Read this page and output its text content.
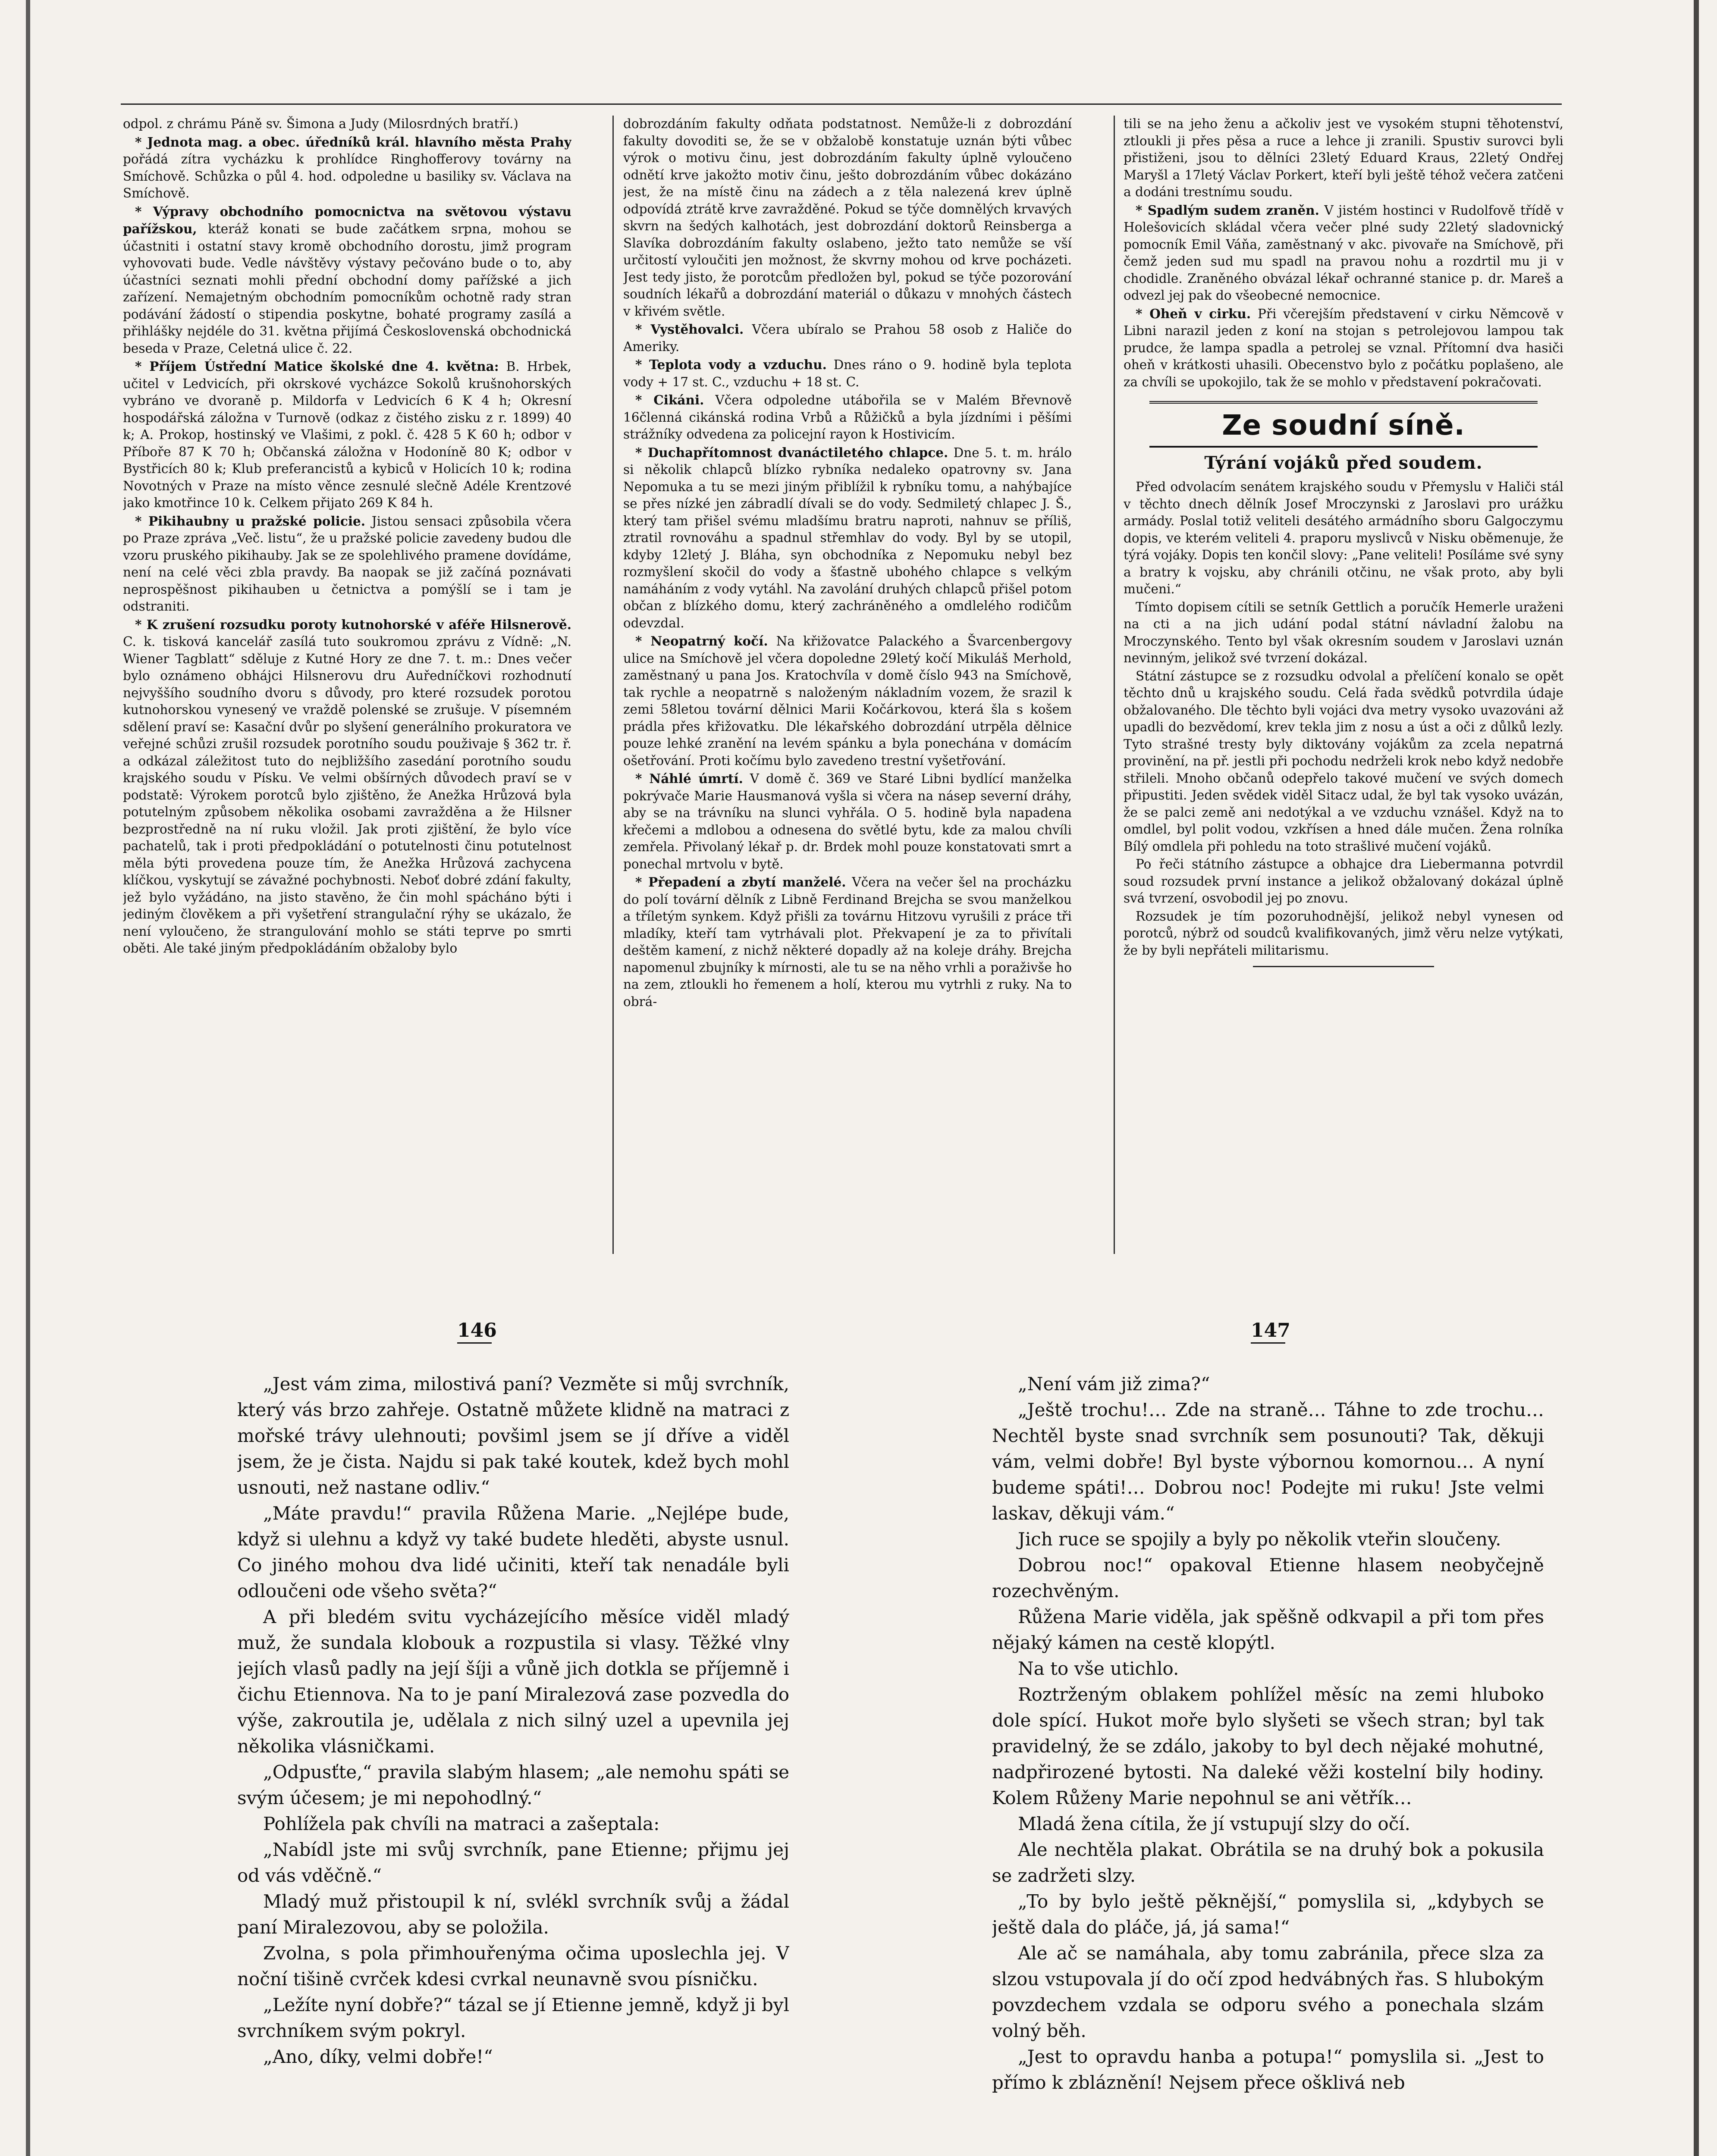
odpol. z chrámu Páně sv. Šimona a Judy (Milosrdných bratří.)

* Jednota mag. a obec. úředníků král. hlavního města Prahy pořádá zítra vycházku k prohlídce Ringhofferovy továrny na Smíchově. Schůzka o půl 4. hod. odpoledne u basiliky sv. Václava na Smíchově.

* Výpravy obchodního pomocnictva na světovou výstavu pařížskou, kteráž konati se bude začátkem srpna, mohou se účastniti i ostatní stavy kromě obchodního dorostu, jimž program vyhovovati bude. Vedle návštěvy výstavy pečováno bude o to, aby účastníci seznati mohli přední obchodní domy pařížské a jich zařízení. Nemajetným obchodním pomocníkům ochotně rady stran podávání žádostí o stipendia poskytne, bohaté programy zasílá a přihlášky nejdéle do 31. května přijímá Československá obchodnická beseda v Praze, Celetná ulice č. 22.

* Příjem Ústřední Matice školské dne 4. května: B. Hrbek, učitel v Ledvicích, při okrskové vycházce Sokolů krušnohorských vybráno ve dvoraně p. Mildorfa v Ledvicích 6 K 4 h; Okresní hospodářská záložna v Turnově (odkaz z čistého zisku z r. 1899) 40 k; A. Prokop, hostinský ve Vlašimi, z pokl. č. 428 5 K 60 h; odbor v Příboře 87 K 70 h; Občanská záložna v Hodoníně 80 K; odbor v Bystřicích 80 k; Klub preferancistů a kybiců v Holicích 10 k; rodina Novotných v Praze na místo věnce zesnulé slečně Adéle Krentzové jako kmotřince 10 k. Celkem přijato 269 K 84 h.

* Pikihaubny u pražské policie. Jistou sensaci způsobila včera po Praze zpráva „Več. listu“, že u pražské policie zavedeny budou dle vzoru pruského pikihauby. Jak se ze spolehlivého pramene dovídáme, není na celé věci zbla pravdy. Ba naopak se již začíná poznávati neprospěšnost pikihauben u četnictva a pomýšlí se i tam je odstraniti.

* K zrušení rozsudku poroty kutnohorské v aféře Hilsnerově. C. k. tisková kancelář zasílá tuto soukromou zprávu z Vídně: „N. Wiener Tagblatt“ sděluje z Kutné Hory ze dne 7. t. m.: Dnes večer bylo oznámeno obhájci Hilsnerovu dru Auředníčkovi rozhodnutí nejvyššího soudního dvoru s důvody, pro které rozsudek porotou kutnohorskou vynesený ve vraždě polenské se zrušuje. V písemném sdělení praví se: Kasační dvůr po slyšení generálního prokuratora ve veřejné schůzi zrušil rozsudek porotního soudu použivaje § 362 tr. ř. a odkázal záležitost tuto do nejbližšího zasedání porotního soudu krajského soudu v Písku. Ve velmi obšírných důvodech praví se v podstatě: Výrokem porotců bylo zjištěno, že Anežka Hrůzová byla potutelným způsobem několika osobami zavražděna a že Hilsner bezprostředně na ní ruku vložil. Jak proti zjištění, že bylo více pachatelů, tak i proti předpokládání o potutelnosti činu potutelnost měla býti provedena pouze tím, že Anežka Hrůzová zachycena klíčkou, vyskytují se závažné pochybnosti. Neboť dobré zdání fakulty, jež bylo vyžádáno, na jisto stavěno, že čin mohl spácháno býti i jediným člověkem a při vyšetření strangulační rýhy se ukázalo, že není vyloučeno, že strangulování mohlo se státi teprve po smrti oběti. Ale také jiným předpokládáním obžaloby bylo

dobrozdáním fakulty odňata podstatnost. Nemůže-li z dobrozdání fakulty dovoditi se, že se v obžalobě konstatuje uznán býti vůbec výrok o motivu činu, jest dobrozdáním fakulty úplně vyloučeno odnětí krve jakožto motiv činu, ješto dobrozdáním vůbec dokázáno jest, že na místě činu na zádech a z těla nalezená krev úplně odpovídá ztrátě krve zavražděné. Pokud se týče domnělých krvavých skvrn na šedých kalhotách, jest dobrozdání doktorů Reinsberga a Slavíka dobrozdáním fakulty oslabeno, ježto tato nemůže se vší určitostí vyloučiti jen možnost, že skvrny mohou od krve pocházeti. Jest tedy jisto, že porotcům předložen byl, pokud se týče pozorování soudních lékařů a dobrozdání materiál o důkazu v mnohých částech v křivém světle.

* Vystěhovalci. Včera ubíralo se Prahou 58 osob z Haliče do Ameriky.

* Teplota vody a vzduchu. Dnes ráno o 9. hodině byla teplota vody + 17 st. C., vzduchu + 18 st. C.

* Cikáni. Včera odpoledne utábořila se v Malém Břevnově 16členná cikánská rodina Vrbů a Růžičků a byla jízdními i pěšími strážníky odvedena za policejní rayon k Hostivicím.

* Duchapřítomnost dvanáctiletého chlapce. Dne 5. t. m. hrálo si několik chlapců blízko rybníka nedaleko opatrovny sv. Jana Nepomuka a tu se mezi jiným přiblížil k rybníku tomu, a nahýbajíce se přes nízké jen zábradlí dívali se do vody. Sedmiletý chlapec J. Š., který tam přišel svému mladšímu bratru naproti, nahnuv se příliš, ztratil rovnováhu a spadnul střemhlav do vody. Byl by se utopil, kdyby 12letý J. Bláha, syn obchodníka z Nepomuku nebyl bez rozmyšlení skočil do vody a šťastně ubohého chlapce s velkým namáháním z vody vytáhl. Na zavolání druhých chlapců přišel potom občan z blízkého domu, který zachráněného a omdlelého rodičům odevzdal.

* Neopatrný kočí. Na křižovatce Palackého a Švarcenbergovy ulice na Smíchově jel včera dopoledne 29letý kočí Mikuláš Merhold, zaměstnaný u pana Jos. Kratochvíla v domě číslo 943 na Smíchově, tak rychle a neopatrně s naloženým nákladním vozem, že srazil k zemi 58letou tovární dělnici Marii Kočárkovou, která šla s košem prádla přes křižovatku. Dle lékařského dobrozdání utrpěla dělnice pouze lehké zranění na levém spánku a byla ponechána v domácím ošetřování. Proti kočímu bylo zavedeno trestní vyšetřování.

* Náhlé úmrtí. V domě č. 369 ve Staré Libni bydlící manželka pokrývače Marie Hausmanová vyšla si včera na násep severní dráhy, aby se na trávníku na slunci vyhřála. O 5. hodině byla napadena křečemi a mdlobou a odnesena do světlé bytu, kde za malou chvíli zemřela. Přivolaný lékař p. dr. Brdek mohl pouze konstatovati smrt a ponechal mrtvolu v bytě.

* Přepadení a zbytí manželé. Včera na večer šel na procházku do polí tovární dělník z Libně Ferdinand Brejcha se svou manželkou a tříletým synkem. Když přišli za továrnu Hitzovu vyrušili z práce tři mladíky, kteří tam vytrhávali plot. Překvapení je za to přivítali deštěm kamení, z nichž některé dopadly až na koleje dráhy. Brejcha napomenul zbujníky k mírnosti, ale tu se na něho vrhli a poraživše ho na zem, ztloukli ho řemenem a holí, kterou mu vytrhli z ruky. Na to obrá-

tili se na jeho ženu a ačkoliv jest ve vysokém stupni těhotenství, ztloukli ji přes pěsa a ruce a lehce ji zranili. Spustiv surovci byli přistiženi, jsou to dělníci 23letý Eduard Kraus, 22letý Ondřej Maryšl a 17letý Václav Porkert, kteří byli ještě téhož večera zatčeni a dodáni trestnímu soudu.

* Spadlým sudem zraněn. V jistém hostinci v Rudolfově třídě v Holešovicích skládal včera večer plné sudy 22letý sladovnický pomocník Emil Váňa, zaměstnaný v akc. pivovaře na Smíchově, při čemž jeden sud mu spadl na pravou nohu a rozdrtil mu ji v chodidle. Zraněného obvázal lékař ochranné stanice p. dr. Mareš a odvezl jej pak do všeobecné nemocnice.

* Oheň v cirku. Při včerejším představení v cirku Němcově v Libni narazil jeden z koní na stojan s petrolejovou lampou tak prudce, že lampa spadla a petrolej se vznal. Přítomní dva hasiči oheň v krátkosti uhasili. Obecenstvo bylo z počátku poplašeno, ale za chvíli se upokojilo, tak že se mohlo v představení pokračovati.

Ze soudní síně.
Týrání vojáků před soudem.

Před odvolacím senátem krajského soudu v Přemyslu v Haliči stál v těchto dnech dělník Josef Mroczynski z Jaroslavi pro urážku armády. Poslal totiž veliteli desátého armádního sboru Galgoczymu dopis, ve kterém veliteli 4. praporu myslivců v Nisku oběmenuje, že týrá vojáky. Dopis ten končil slovy: „Pane veliteli! Posíláme své syny a bratry k vojsku, aby chránili otčinu, ne však proto, aby byli mučeni.“

Tímto dopisem cítili se setník Gettlich a poručík Hemerle uraženi na cti a na jich udání podal státní návladní žalobu na Mroczynského. Tento byl však okresním soudem v Jaroslavi uznán nevinným, jelikož své tvrzení dokázal.

Státní zástupce se z rozsudku odvolal a přelíčení konalo se opět těchto dnů u krajského soudu. Celá řada svědků potvrdila údaje obžalovaného. Dle těchto byli vojáci dva metry vysoko uvazováni až upadli do bezvědomí, krev tekla jim z nosu a úst a oči z důlků lezly. Tyto strašné tresty byly diktovány vojákům za zcela nepatrná provinění, na př. jestli při pochodu nedrželi krok nebo když nedobře střileli. Mnoho občanů odepřelo takové mučení ve svých domech připustiti. Jeden svědek viděl Sitacz udal, že byl tak vysoko uvázán, že se palci země ani nedotýkal a ve vzduchu vznášel. Když na to omdlel, byl polit vodou, vzkřísen a hned dále mučen. Žena rolníka Bílý omdlela při pohledu na toto strašlivé mučení vojáků.

Po řeči státního zástupce a obhajce dra Liebermanna potvrdil soud rozsudek první instance a jelikož obžalovaný dokázal úplně svá tvrzení, osvobodil jej po znovu.

Rozsudek je tím pozoruhodnější, jelikož nebyl vynesen od porotců, nýbrž od soudců kvalifikovaných, jimž věru nelze vytýkati, že by byli nepřáteli militarismu.

146	147

„Jest vám zima, milostivá paní? Vezměte si můj svrchník, který vás brzo zahřeje. Ostatně můžete klidně na matraci z mořské trávy ulehnouti; povšiml jsem se jí dříve a viděl jsem, že je čista. Najdu si pak také koutek, kdež bych mohl usnouti, než nastane odliv.“

„Máte pravdu!“ pravila Růžena Marie. „Nejlépe bude, když si ulehnu a když vy také budete hleděti, abyste usnul. Co jiného mohou dva lidé učiniti, kteří tak nenadále byli odloučeni ode všeho světa?“

A při bledém svitu vycházejícího měsíce viděl mladý muž, že sundala klobouk a rozpustila si vlasy. Těžké vlny jejích vlasů padly na její šíji a vůně jich dotkla se příjemně i čichu Etiennova. Na to je paní Miralezová zase pozvedla do výše, zakroutila je, udělala z nich silný uzel a upevnila jej několika vlásničkami.

„Odpusťte,“ pravila slabým hlasem; „ale nemohu spáti se svým účesem; je mi nepohodlný.“

Pohlížela pak chvíli na matraci a zašeptala:

„Nabídl jste mi svůj svrchník, pane Etienne; přijmu jej od vás vděčně.“

Mladý muž přistoupil k ní, svlékl svrchník svůj a žádal paní Miralezovou, aby se položila.

Zvolna, s pola přimhouřenýma očima uposlechla jej. V noční tišině cvrček kdesi cvrkal neunavně svou písničku.

„Ležíte nyní dobře?“ tázal se jí Etienne jemně, když ji byl svrchníkem svým pokryl.

„Ano, díky, velmi dobře!“

„Není vám již zima?“

„Ještě trochu!… Zde na straně… Táhne to zde trochu… Nechtěl byste snad svrchník sem posunouti? Tak, děkuji vám, velmi dobře! Byl byste výbornou komornou… A nyní budeme spáti!… Dobrou noc! Podejte mi ruku! Jste velmi laskav, děkuji vám.“

Jich ruce se spojily a byly po několik vteřin sloučeny.

Dobrou noc!“ opakoval Etienne hlasem neobyčejně rozechvěným.

Růžena Marie viděla, jak spěšně odkvapil a při tom přes nějaký kámen na cestě klopýtl.

Na to vše utichlo.

Roztrženým oblakem pohlížel měsíc na zemi hluboko dole spící. Hukot moře bylo slyšeti se všech stran; byl tak pravidelný, že se zdálo, jakoby to byl dech nějaké mohutné, nadpřirozené bytosti. Na daleké věži kostelní bily hodiny. Kolem Růženy Marie nepohnul se ani větřík…

Mladá žena cítila, že jí vstupují slzy do očí.

Ale nechtěla plakat. Obrátila se na druhý bok a pokusila se zadržeti slzy.

„To by bylo ještě pěknější,“ pomyslila si, „kdybych se ještě dala do pláče, já, já sama!“

Ale ač se namáhala, aby tomu zabránila, přece slza za slzou vstupovala jí do očí zpod hedvábných řas. S hlubokým povzdechem vzdala se odporu svého a ponechala slzám volný běh.

„Jest to opravdu hanba a potupa!“ pomyslila si. „Jest to přímo k zbláznění! Nejsem přece ošklivá neb
